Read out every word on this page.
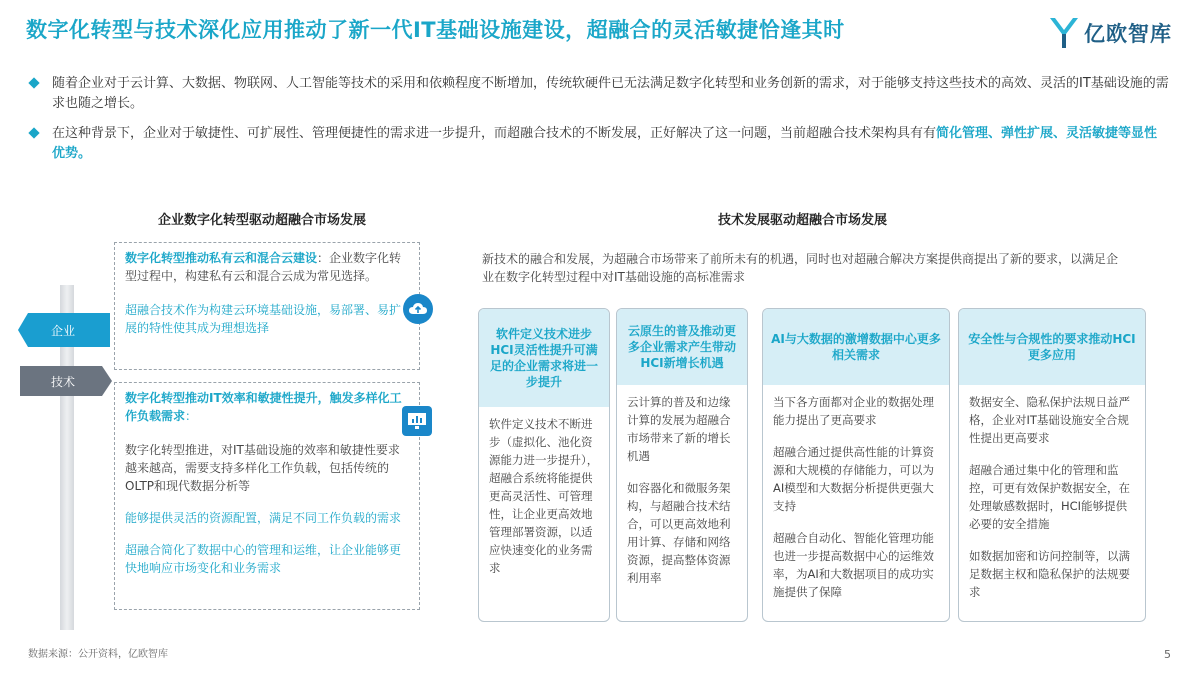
数字化转型与技术深化应用推动了新一代IT基础设施建设，超融合的灵活敏捷恰逢其时	亿欧智库
随着企业对于云计算、大数据、物联网、人工智能等技术的采用和依赖程度不断增加，传统软硬件已无法满足数字化转型和业务创新的需求，对于能够支持这些技术的高效、灵活的IT基础设施的需求也随之增长。
在这种背景下，企业对于敏捷性、可扩展性、管理便捷性的需求进一步提升，而超融合技术的不断发展，正好解决了这一问题，当前超融合技术架构具有有简化管理、弹性扩展、灵活敏捷等显性优势。
企业数字化转型驱动超融合市场发展
企业
技术
数字化转型推动私有云和混合云建设：企业数字化转型过程中，构建私有云和混合云成为常见选择。
超融合技术作为构建云环境基础设施，易部署、易扩展的特性使其成为理想选择
数字化转型推动IT效率和敏捷性提升，触发多样化工作负载需求：
数字化转型推进，对IT基础设施的效率和敏捷性要求越来越高，需要支持多样化工作负载，包括传统的OLTP和现代数据分析等
能够提供灵活的资源配置，满足不同工作负载的需求
超融合简化了数据中心的管理和运维，让企业能够更快地响应市场变化和业务需求
技术发展驱动超融合市场发展
新技术的融合和发展，为超融合市场带来了前所未有的机遇，同时也对超融合解决方案提供商提出了新的要求，以满足企业在数字化转型过程中对IT基础设施的高标准需求
软件定义技术进步HCI灵活性提升可满足的企业需求将进一步提升

软件定义技术不断进步（虚拟化、池化资源能力进一步提升），超融合系统将能提供更高灵活性、可管理性，让企业更高效地管理部署资源，以适应快速变化的业务需求

云原生的普及推动更多企业需求产生带动HCI新增长机遇

云计算的普及和边缘计算的发展为超融合市场带来了新的增长机遇

如容器化和微服务架构，与超融合技术结合，可以更高效地利用计算、存储和网络资源，提高整体资源利用率

AI与大数据的激增数据中心更多相关需求

当下各方面都对企业的数据处理能力提出了更高要求

超融合通过提供高性能的计算资源和大规模的存储能力，可以为AI模型和大数据分析提供更强大支持

超融合自动化、智能化管理功能也进一步提高数据中心的运维效率，为AI和大数据项目的成功实施提供了保障

安全性与合规性的要求推动HCI更多应用

数据安全、隐私保护法规日益严格，企业对IT基础设施安全合规性提出更高要求

超融合通过集中化的管理和监控，可更有效保护数据安全，在处理敏感数据时，HCI能够提供必要的安全措施

如数据加密和访问控制等，以满足数据主权和隐私保护的法规要求

数据来源：公开资料，亿欧智库	5
